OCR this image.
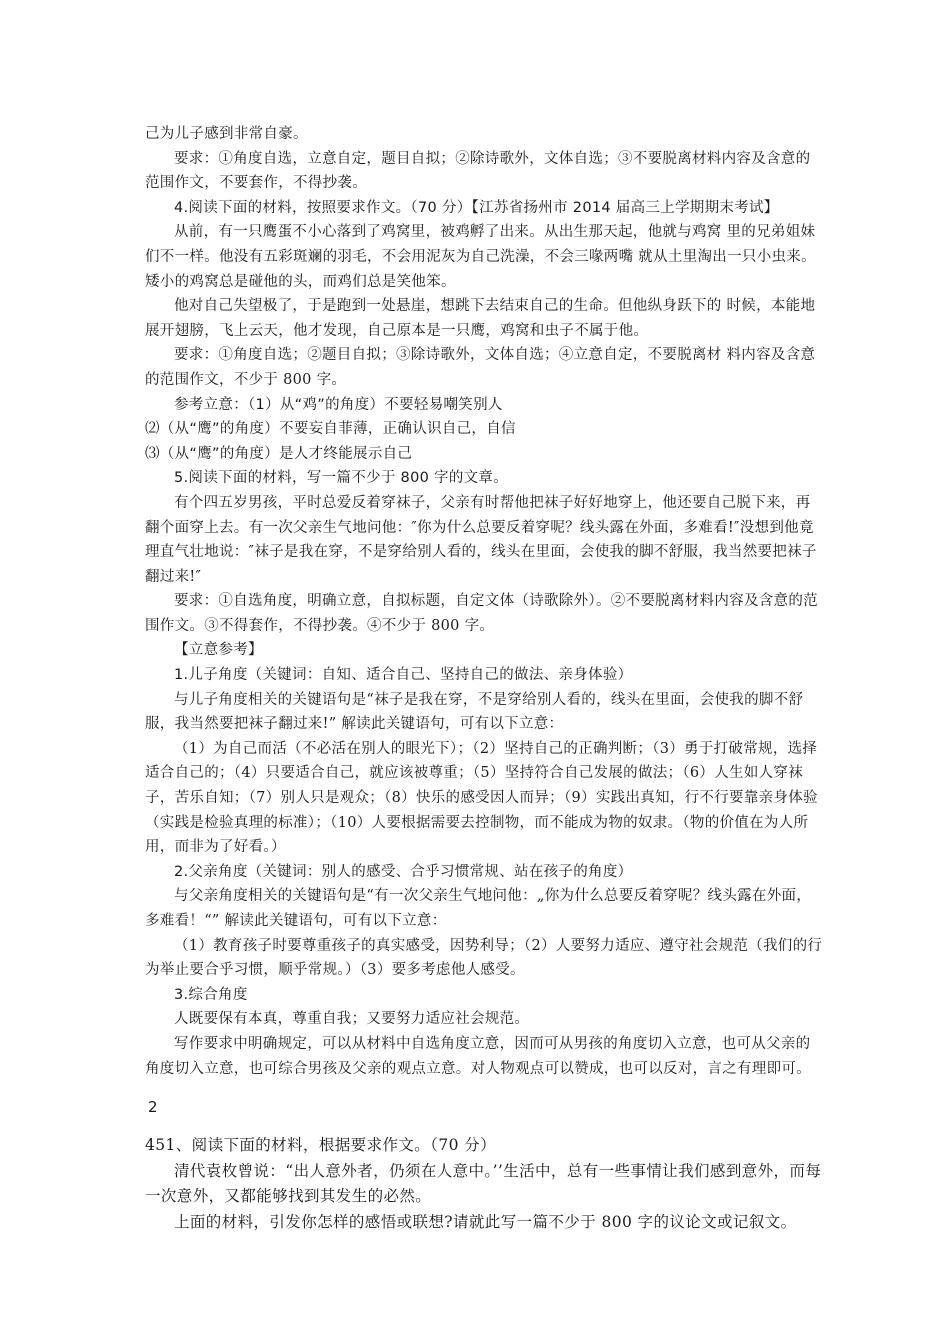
己为儿子感到非常自豪。

要求：①角度自选，立意自定，题目自拟；②除诗歌外，文体自选；③不要脱离材料内容及含意的范围作文，不要套作，不得抄袭。

4.阅读下面的材料，按照要求作文。（70 分）【江苏省扬州市 2014 届高三上学期期末考试】

从前，有一只鹰蛋不小心落到了鸡窝里，被鸡孵了出来。从出生那天起，他就与鸡窝 里的兄弟姐妹们不一样。他没有五彩斑斓的羽毛，不会用泥灰为自己洗澡，不会三喙两嘴 就从土里淘出一只小虫来。矮小的鸡窝总是碰他的头，而鸡们总是笑他笨。

他对自己失望极了，于是跑到一处悬崖，想跳下去结束自己的生命。但他纵身跃下的 时候，本能地展开翅膀，飞上云天，他才发现，自己原本是一只鹰，鸡窝和虫子不属于他。

要求：①角度自选；②题目自拟；③除诗歌外，文体自选；④立意自定，不要脱离材 料内容及含意的范围作文，不少于 800 字。

参考立意：（1）从“鸡”的角度）不要轻易嘲笑别人

⑵（从“鹰”的角度）不要妄自菲薄，正确认识自己，自信

⑶（从“鹰”的角度）是人才终能展示自己

5.阅读下面的材料，写一篇不少于 800 字的文章。

有个四五岁男孩，平时总爱反着穿袜子，父亲有时帮他把袜子好好地穿上，他还要自己脱下来，再翻个面穿上去。有一次父亲生气地问他：″你为什么总要反着穿呢？线头露在外面，多难看!″没想到他竟理直气壮地说：″袜子是我在穿，不是穿给别人看的，线头在里面，会使我的脚不舒服，我当然要把袜子翻过来!″

要求：①自选角度，明确立意，自拟标题，自定文体（诗歌除外）。②不要脱离材料内容及含意的范围作文。③不得套作，不得抄袭。④不少于 800 字。

【立意参考】

1.儿子角度（关键词：自知、适合自己、坚持自己的做法、亲身体验）

与儿子角度相关的关键语句是“袜子是我在穿，不是穿给别人看的，线头在里面，会使我的脚不舒服，我当然要把袜子翻过来!” 解读此关键语句，可有以下立意：

（1）为自己而活（不必活在别人的眼光下）；（2）坚持自己的正确判断；（3）勇于打破常规，选择适合自己的；（4）只要适合自己，就应该被尊重；（5）坚持符合自己发展的做法；（6）人生如人穿袜子，苦乐自知；（7）别人只是观众；（8）快乐的感受因人而异；（9）实践出真知，行不行要靠亲身体验（实践是检验真理的标准）；（10）人要根据需要去控制物，而不能成为物的奴隶。（物的价值在为人所用，而非为了好看。）

2.父亲角度（关键词：别人的感受、合乎习惯常规、站在孩子的角度）

与父亲角度相关的关键语句是“有一次父亲生气地问他：„你为什么总要反着穿呢？线头露在外面，多难看！“” 解读此关键语句，可有以下立意：

（1）教育孩子时要尊重孩子的真实感受，因势利导；（2）人要努力适应、遵守社会规范（我们的行为举止要合乎习惯，顺乎常规。）（3）要多考虑他人感受。

3.综合角度

人既要保有本真，尊重自我；又要努力适应社会规范。

写作要求中明确规定，可以从材料中自选角度立意，因而可从男孩的角度切入立意，也可从父亲的角度切入立意，也可综合男孩及父亲的观点立意。对人物观点可以赞成，也可以反对，言之有理即可。

2

451、阅读下面的材料，根据要求作文。（70 分）

清代袁枚曾说：“出人意外者，仍须在人意中。’’生活中，总有一些事情让我们感到意外，而每一次意外，又都能够找到其发生的必然。

上面的材料，引发你怎样的感悟或联想?请就此写一篇不少于 800 字的议论文或记叙文。
